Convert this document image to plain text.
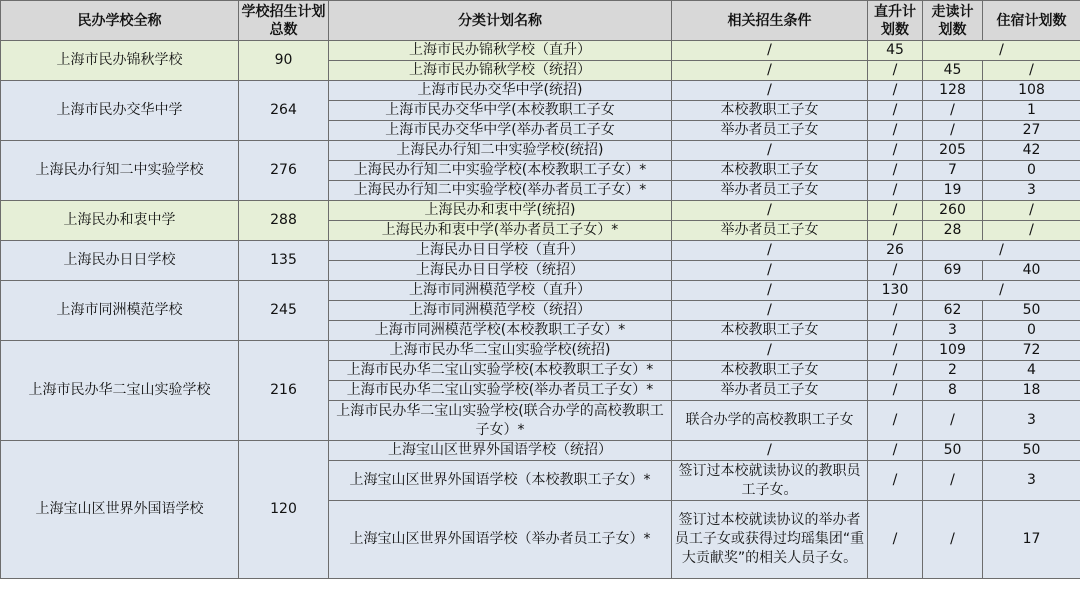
民办学校全称	学校招生计划总数	分类计划名称	相关招生条件	直升计划数	走读计划数	住宿计划数
上海市民办锦秋学校	90	上海市民办锦秋学校（直升）	/	45	/	
		上海市民办锦秋学校（统招）	/	/	45	/
上海市民办交华中学	264	上海市民办交华中学(统招)	/	/	128	108
		上海市民办交华中学(本校教职工子女	本校教职工子女	/	/	1
		上海市民办交华中学(举办者员工子女	举办者员工子女	/	/	27
上海民办行知二中实验学校	276	上海民办行知二中实验学校(统招)	/	/	205	42
		上海民办行知二中实验学校(本校教职工子女）*	本校教职工子女	/	7	0
		上海民办行知二中实验学校(举办者员工子女）*	举办者员工子女	/	19	3
上海民办和衷中学	288	上海民办和衷中学(统招)	/	/	260	/
		上海民办和衷中学(举办者员工子女）*	举办者员工子女	/	28	/
上海民办日日学校	135	上海民办日日学校（直升）	/	26	/	
		上海民办日日学校（统招）	/	/	69	40
上海市同洲模范学校	245	上海市同洲模范学校（直升）	/	130	/	
		上海市同洲模范学校（统招）	/	/	62	50
		上海市同洲模范学校(本校教职工子女）*	本校教职工子女	/	3	0
上海市民办华二宝山实验学校	216	上海市民办华二宝山实验学校(统招)	/	/	109	72
		上海市民办华二宝山实验学校(本校教职工子女）*	本校教职工子女	/	2	4
		上海市民办华二宝山实验学校(举办者员工子女）*	举办者员工子女	/	8	18
		上海市民办华二宝山实验学校(联合办学的高校教职工子女）*	联合办学的高校教职工子女	/	/	3
上海宝山区世界外国语学校	120	上海宝山区世界外国语学校（统招）	/	/	50	50
		上海宝山区世界外国语学校（本校教职工子女）*	签订过本校就读协议的教职员工子女。	/	/	3
		上海宝山区世界外国语学校（举办者员工子女）*	签订过本校就读协议的举办者员工子女或获得过均瑶集团“重大贡献奖”的相关人员子女。	/	/	17
